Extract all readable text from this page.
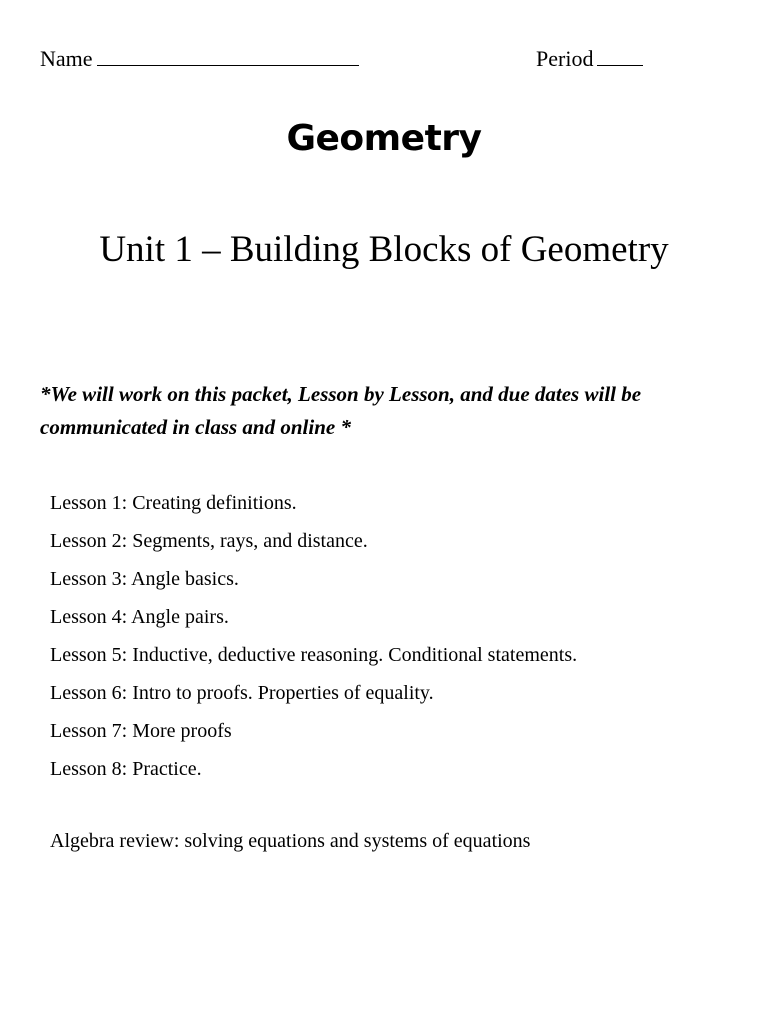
Name	Period
Geometry
Unit 1 – Building Blocks of Geometry
*We will work on this packet, Lesson by Lesson, and due dates will be communicated in class and online *
Lesson 1: Creating definitions.
Lesson 2: Segments, rays, and distance.
Lesson 3: Angle basics.
Lesson 4: Angle pairs.
Lesson 5: Inductive, deductive reasoning. Conditional statements.
Lesson 6: Intro to proofs. Properties of equality.
Lesson 7: More proofs
Lesson 8: Practice.
Algebra review: solving equations and systems of equations
